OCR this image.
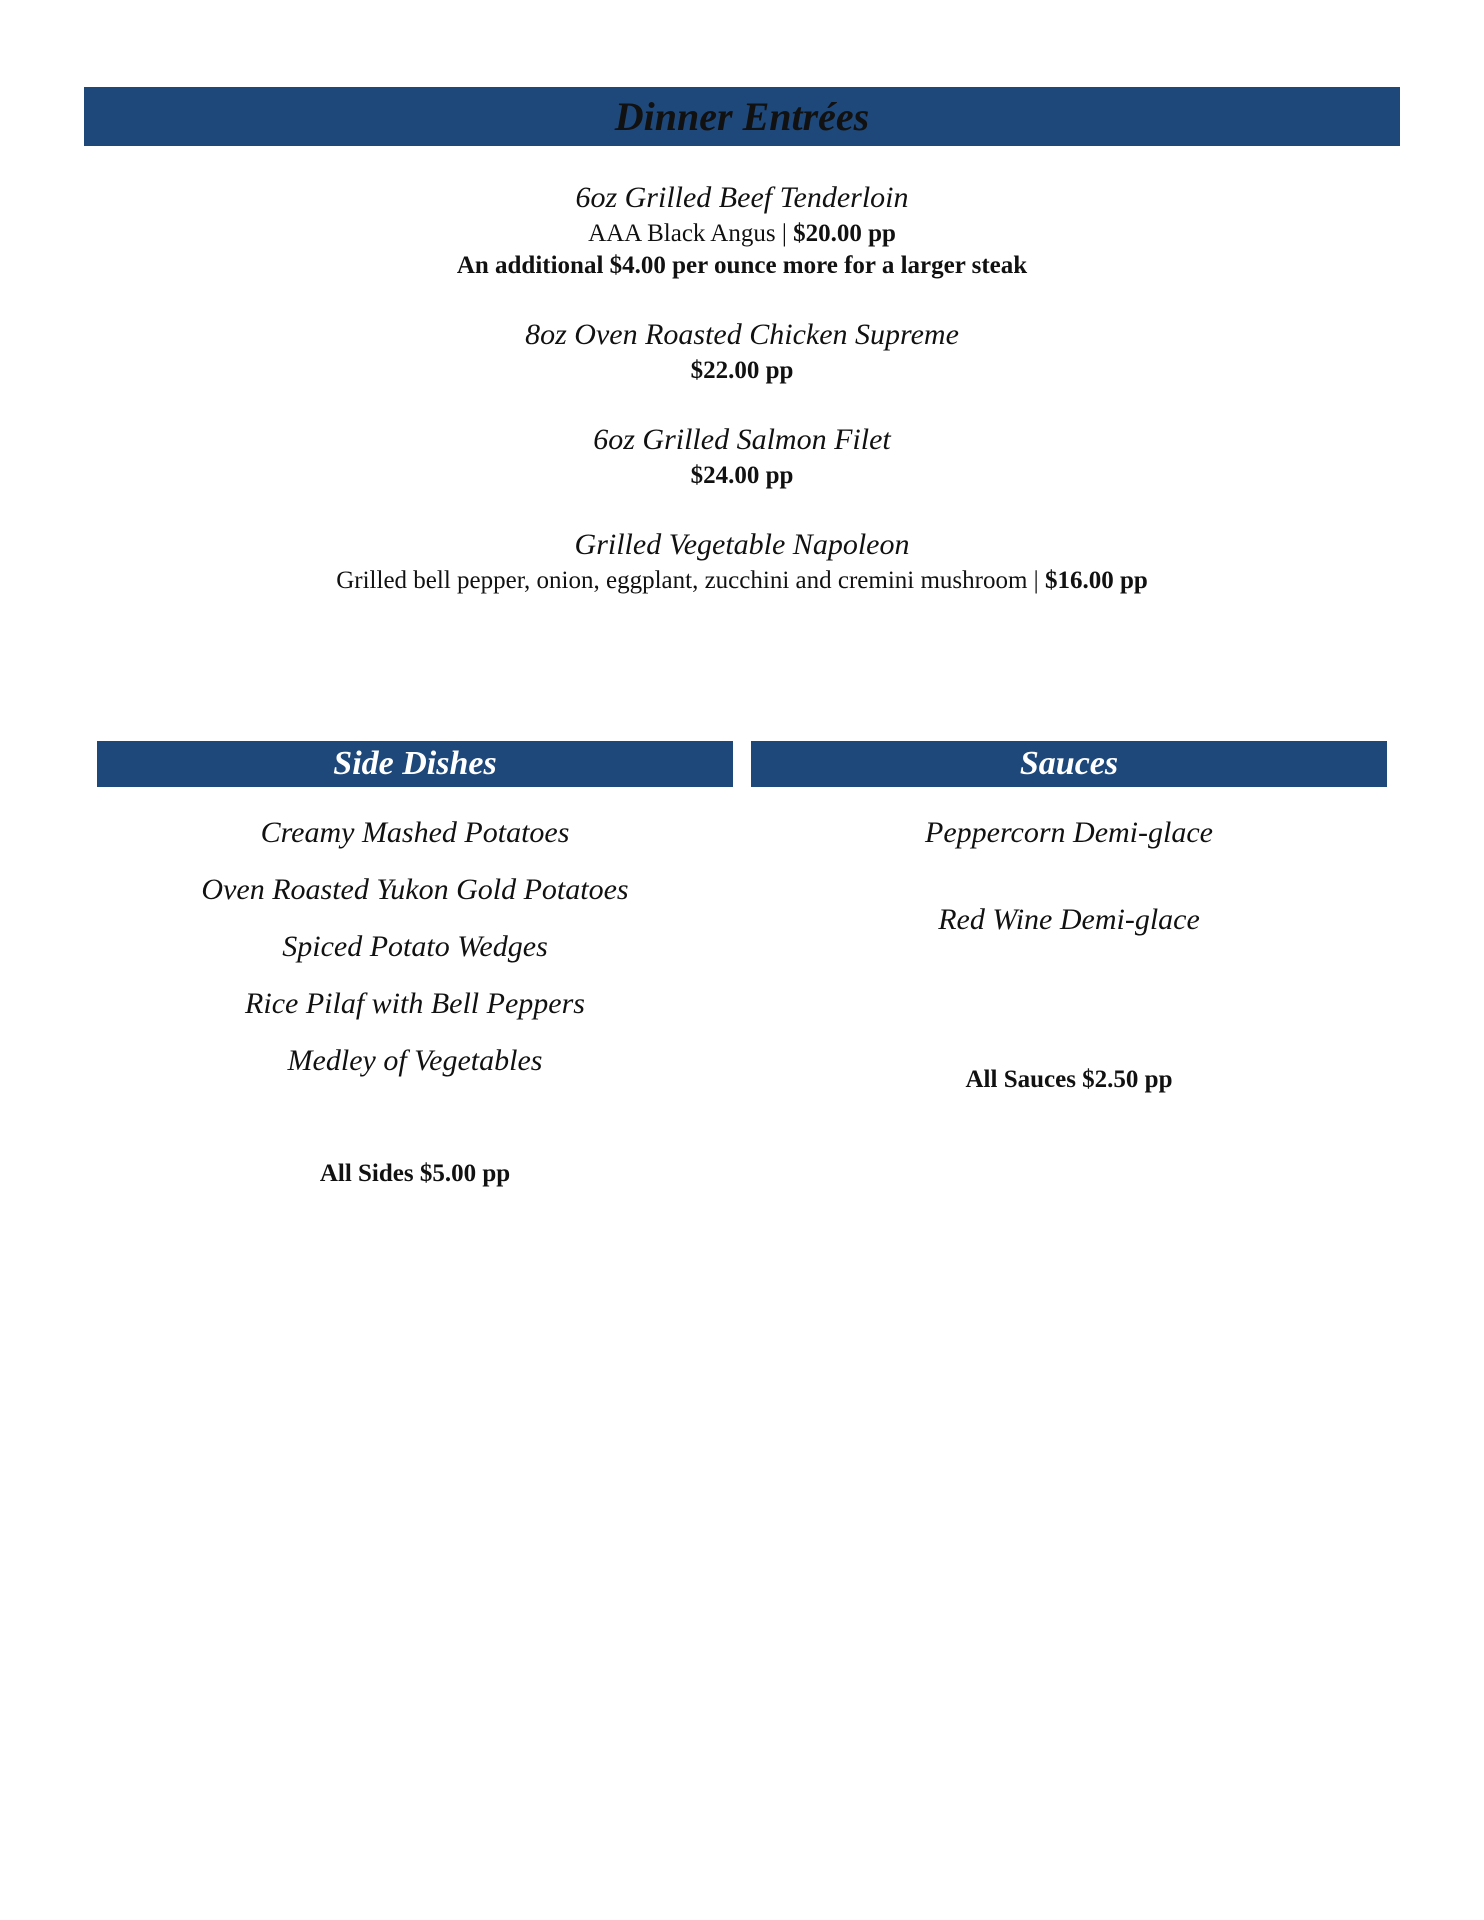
Dinner Entrées
6oz Grilled Beef Tenderloin
AAA Black Angus | $20.00 pp
An additional $4.00 per ounce more for a larger steak
8oz Oven Roasted Chicken Supreme
$22.00 pp
6oz Grilled Salmon Filet
$24.00 pp
Grilled Vegetable Napoleon
Grilled bell pepper, onion, eggplant, zucchini and cremini mushroom | $16.00 pp
Side Dishes	Sauces
Creamy Mashed Potatoes
Oven Roasted Yukon Gold Potatoes
Spiced Potato Wedges
Rice Pilaf with Bell Peppers
Medley of Vegetables
Peppercorn Demi-glace
Red Wine Demi-glace
All Sides $5.00 pp
All Sauces $2.50 pp
